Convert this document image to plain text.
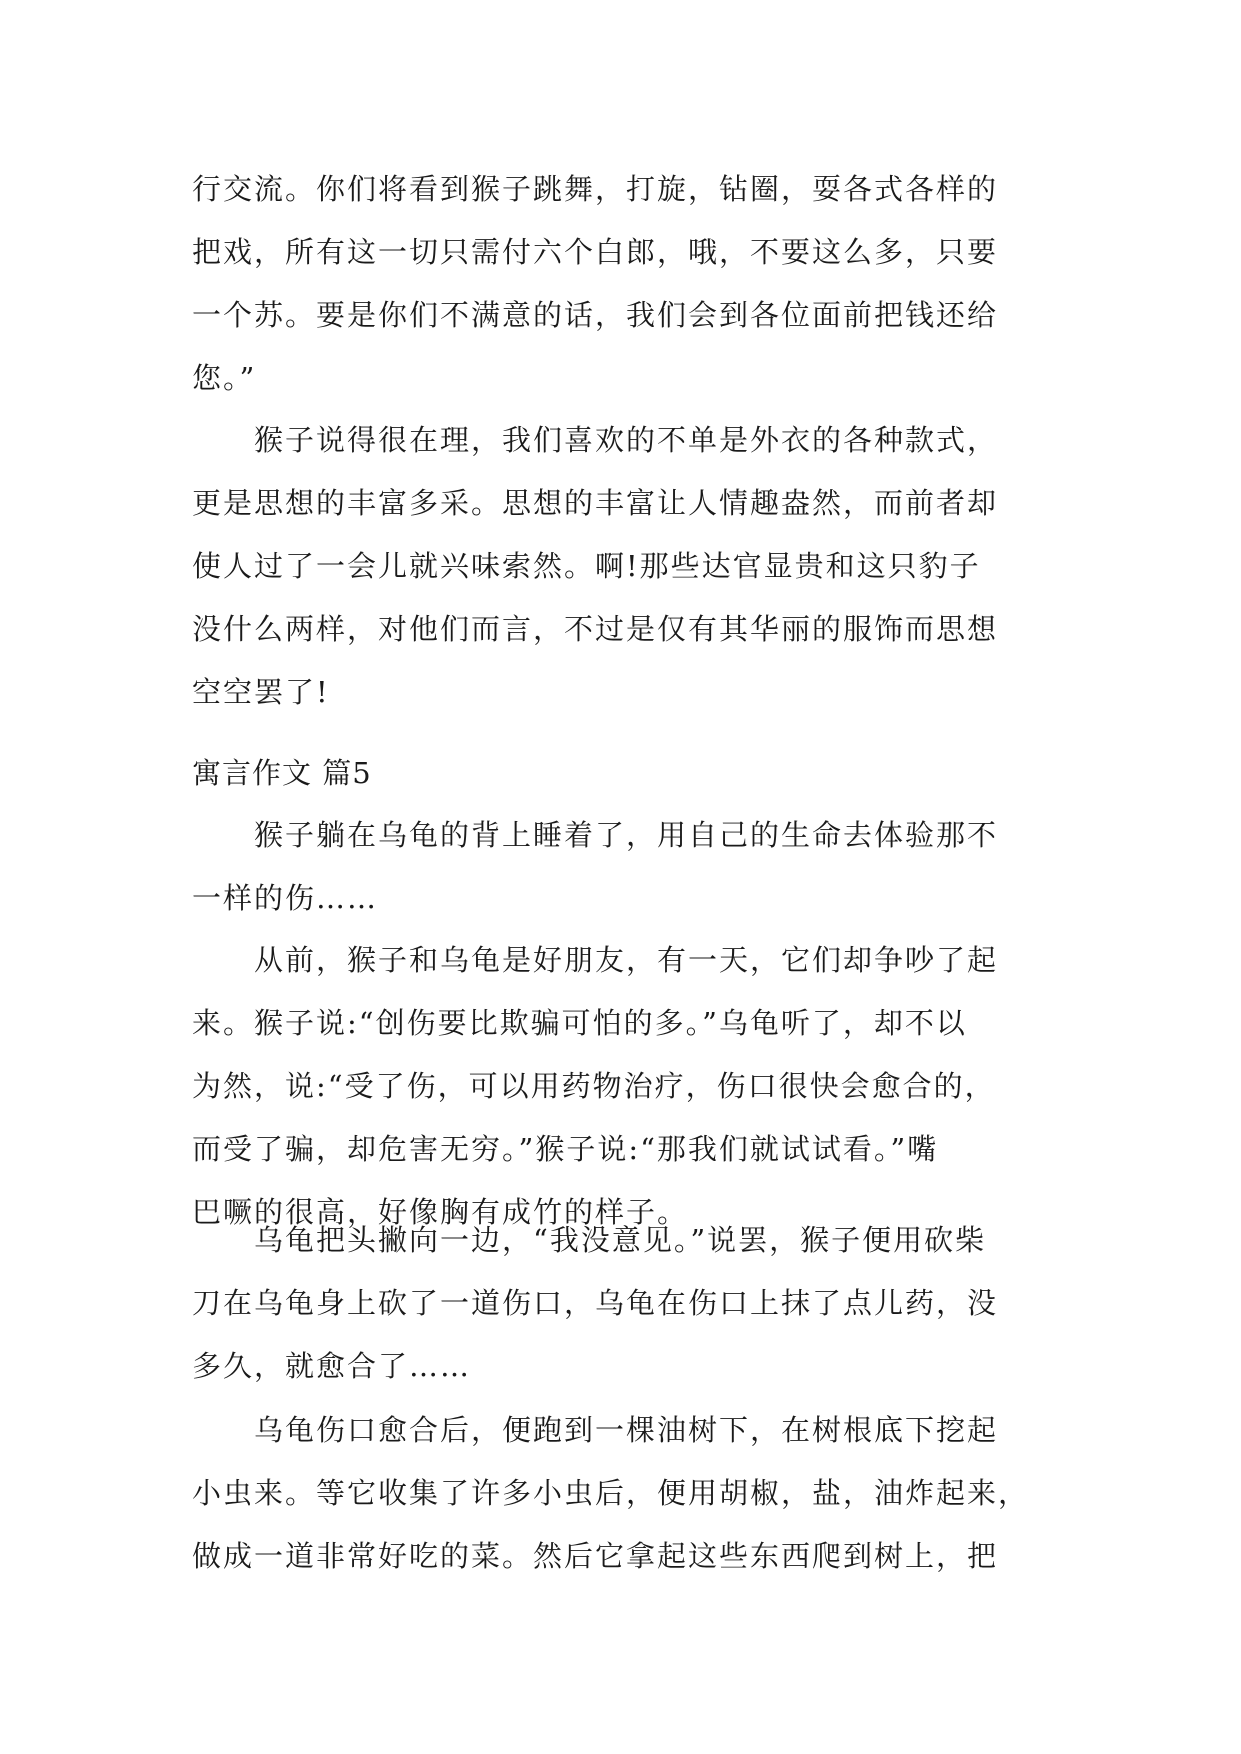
行交流。你们将看到猴子跳舞，打旋，钻圈，耍各式各样的
把戏，所有这一切只需付六个白郎，哦，不要这么多，只要
一个苏。要是你们不满意的话，我们会到各位面前把钱还给
您。”

　　猴子说得很在理，我们喜欢的不单是外衣的各种款式，
更是思想的丰富多采。思想的丰富让人情趣盎然，而前者却
使人过了一会儿就兴味索然。啊!那些达官显贵和这只豹子
没什么两样，对他们而言，不过是仅有其华丽的服饰而思想
空空罢了!

寓言作文 篇5

　　猴子躺在乌龟的背上睡着了，用自己的生命去体验那不
一样的伤……

　　从前，猴子和乌龟是好朋友，有一天，它们却争吵了起
来。猴子说:“创伤要比欺骗可怕的多。”乌龟听了，却不以
为然，说:“受了伤，可以用药物治疗，伤口很快会愈合的，
而受了骗，却危害无穷。”猴子说:“那我们就试试看。”嘴
巴噘的很高，好像胸有成竹的样子。

　　乌龟把头撇向一边，“我没意见。”说罢，猴子便用砍柴
刀在乌龟身上砍了一道伤口，乌龟在伤口上抹了点儿药，没
多久，就愈合了……

　　乌龟伤口愈合后，便跑到一棵油树下，在树根底下挖起
小虫来。等它收集了许多小虫后，便用胡椒，盐，油炸起来，
做成一道非常好吃的菜。然后它拿起这些东西爬到树上，把
